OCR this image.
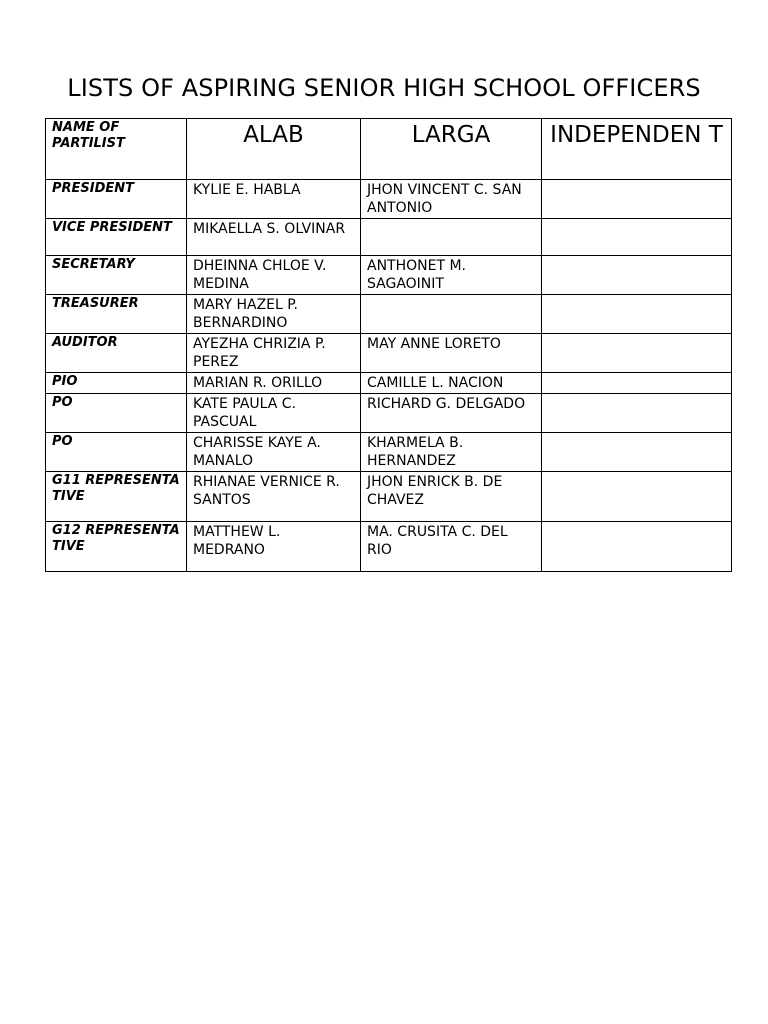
LISTS OF ASPIRING SENIOR HIGH SCHOOL OFFICERS
NAME OF PARTILIST	ALAB	LARGA	INDEPENDEN T
PRESIDENT	KYLIE E. HABLA	JHON VINCENT C. SAN ANTONIO	
VICE PRESIDENT	MIKAELLA S. OLVINAR		
SECRETARY	DHEINNA CHLOE V. MEDINA	ANTHONET M. SAGAOINIT	
TREASURER	MARY HAZEL P. BERNARDINO		
AUDITOR	AYEZHA CHRIZIA P. PEREZ	MAY ANNE LORETO	
PIO	MARIAN R. ORILLO	CAMILLE L. NACION	
PO	KATE PAULA C. PASCUAL	RICHARD G. DELGADO	
PO	CHARISSE KAYE A. MANALO	KHARMELA B. HERNANDEZ	
G11 REPRESENTATIVE	RHIANAE VERNICE R. SANTOS	JHON ENRICK B. DE CHAVEZ	
G12 REPRESENTATIVE	MATTHEW L. MEDRANO	MA. CRUSITA C. DEL RIO	
